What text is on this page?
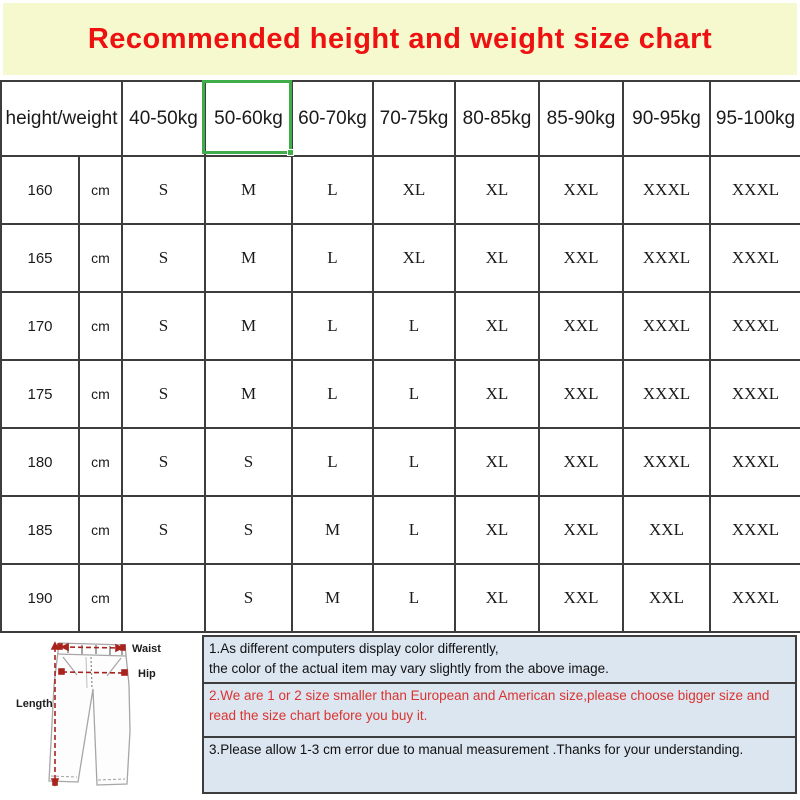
Recommended height and weight size chart
height/weight		40-50kg	50-60kg	60-70kg	70-75kg	80-85kg	85-90kg	90-95kg	95-100kg
160	cm	S	M	L	XL	XL	XXL	XXXL	XXXL
165	cm	S	M	L	XL	XL	XXL	XXXL	XXXL
170	cm	S	M	L	L	XL	XXL	XXXL	XXXL
175	cm	S	M	L	L	XL	XXL	XXXL	XXXL
180	cm	S	S	L	L	XL	XXL	XXXL	XXXL
185	cm	S	S	M	L	XL	XXL	XXL	XXXL
190	cm		S	M	L	XL	XXL	XXL	XXXL
Waist
Hip
Length
1.As different computers display color differently,
the color of the actual item may vary slightly from the above image.
2.We are 1 or 2 size smaller than European and American size,please choose bigger size and
read the size chart before you buy it.
3.Please allow 1-3 cm error due to manual measurement .Thanks for your understanding.
